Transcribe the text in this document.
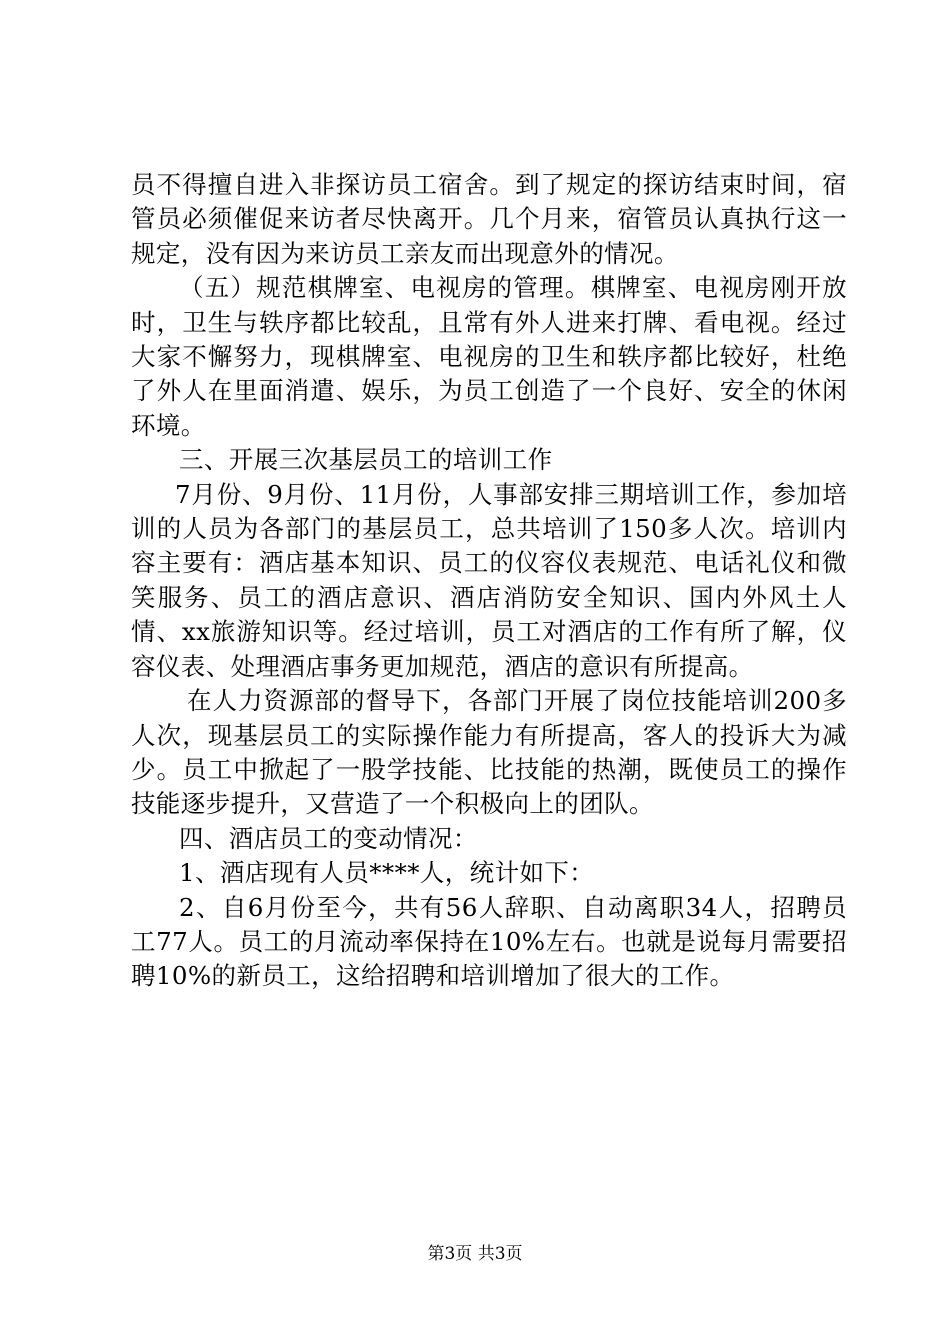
员不得擅自进入非探访员工宿舍。到了规定的探访结束时间，宿管员必须催促来访者尽快离开。几个月来，宿管员认真执行这一规定，没有因为来访员工亲友而出现意外的情况。

（五）规范棋牌室、电视房的管理。棋牌室、电视房刚开放时，卫生与轶序都比较乱，且常有外人进来打牌、看电视。经过大家不懈努力，现棋牌室、电视房的卫生和轶序都比较好，杜绝了外人在里面消遣、娱乐，为员工创造了一个良好、安全的休闲环境。

三、开展三次基层员工的培训工作

7月份、9月份、11月份，人事部安排三期培训工作，参加培训的人员为各部门的基层员工，总共培训了150多人次。培训内容主要有：酒店基本知识、员工的仪容仪表规范、电话礼仪和微笑服务、员工的酒店意识、酒店消防安全知识、国内外风土人情、xx旅游知识等。经过培训，员工对酒店的工作有所了解，仪容仪表、处理酒店事务更加规范，酒店的意识有所提高。

在人力资源部的督导下，各部门开展了岗位技能培训200多人次，现基层员工的实际操作能力有所提高，客人的投诉大为减少。员工中掀起了一股学技能、比技能的热潮，既使员工的操作技能逐步提升，又营造了一个积极向上的团队。

四、酒店员工的变动情况：

1、酒店现有人员****人，统计如下：

2、自6月份至今，共有56人辞职、自动离职34人，招聘员工77人。员工的月流动率保持在10%左右。也就是说每月需要招聘10%的新员工，这给招聘和培训增加了很大的工作。

第3页 共3页
